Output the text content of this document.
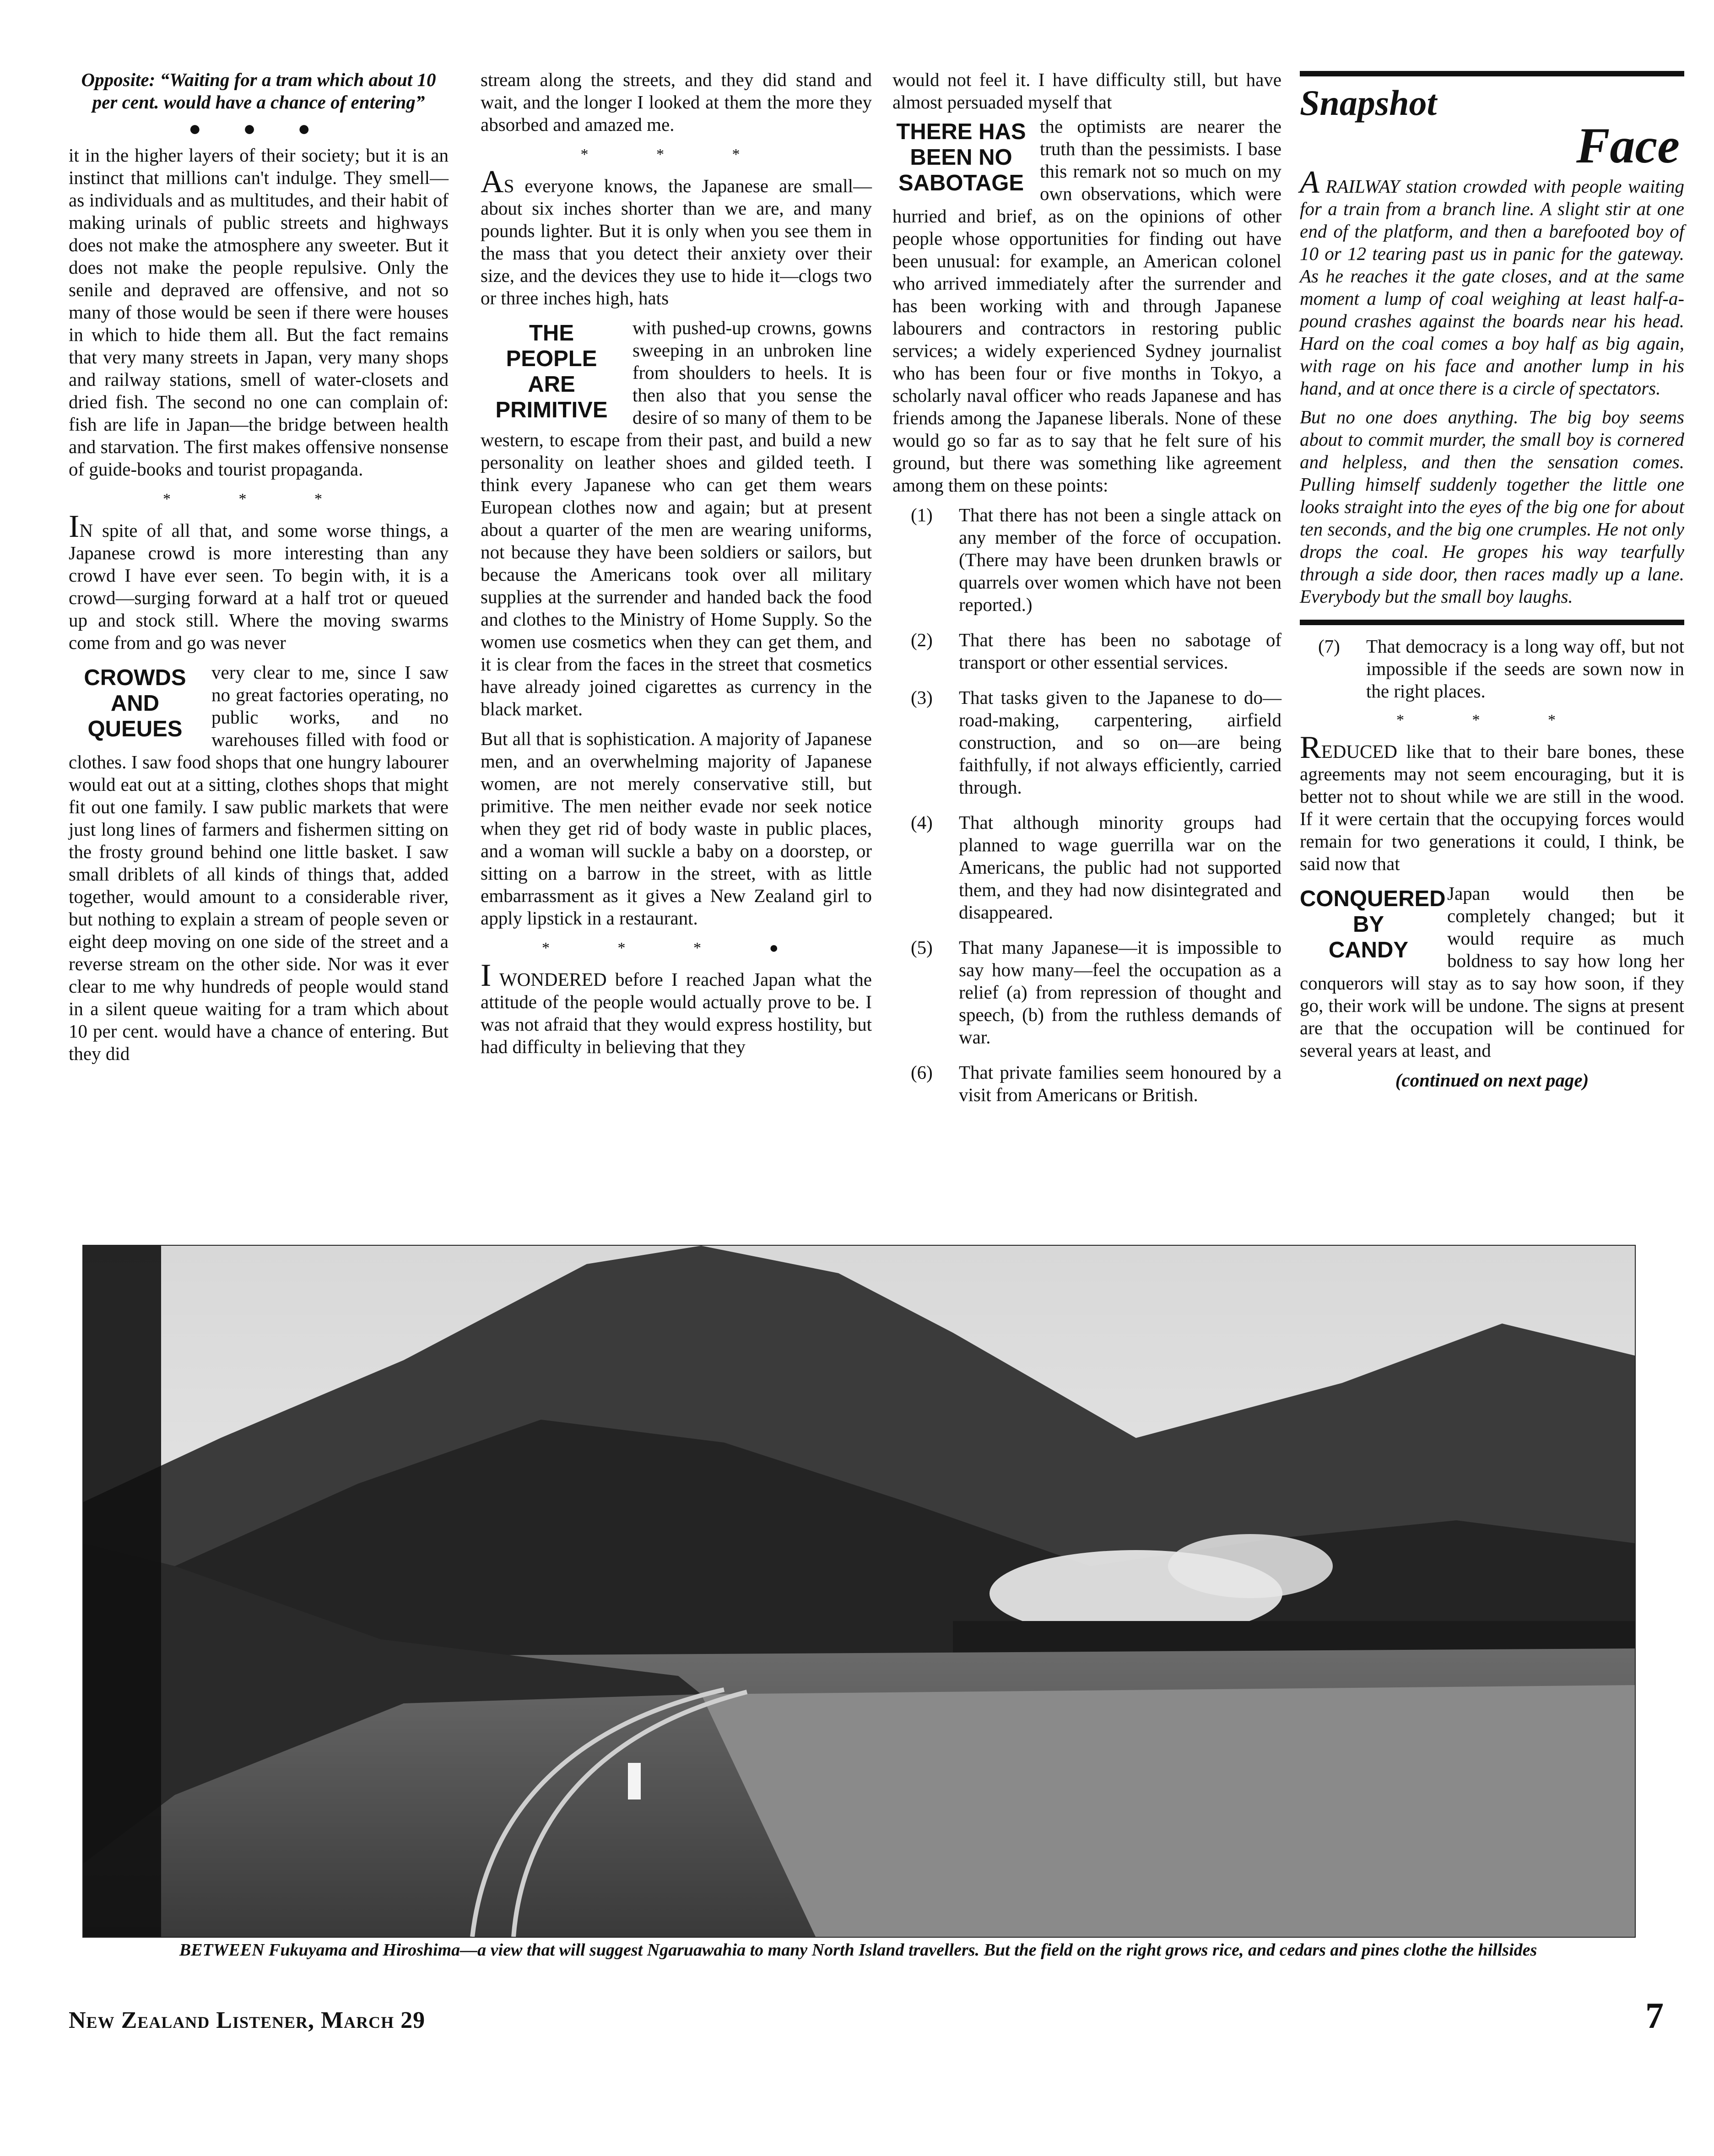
Opposite: “Waiting for a tram which about 10 per cent. would have a chance of entering”
● ● ●

it in the higher layers of their society; but it is an instinct that millions can't indulge. They smell—as individuals and as multitudes, and their habit of making urinals of public streets and highways does not make the atmosphere any sweeter. But it does not make the people repulsive. Only the senile and depraved are offensive, and not so many of those would be seen if there were houses in which to hide them all. But the fact remains that very many streets in Japan, very many shops and railway stations, smell of water-closets and dried fish. The second no one can complain of: fish are life in Japan—the bridge between health and starvation. The first makes offensive nonsense of guide-books and tourist propaganda.

* * *

IN spite of all that, and some worse things, a Japanese crowd is more interesting than any crowd I have ever seen. To begin with, it is a crowd—surging forward at a half trot or queued up and stock still. Where the moving swarms come from and go was never

CROWDS
AND
QUEUES

very clear to me, since I saw no great factories operating, no public works, and no warehouses filled with food or clothes. I saw food shops that one hungry labourer would eat out at a sitting, clothes shops that might fit out one family. I saw public markets that were just long lines of farmers and fishermen sitting on the frosty ground behind one little basket. I saw small driblets of all kinds of things that, added together, would amount to a considerable river, but nothing to explain a stream of people seven or eight deep moving on one side of the street and a reverse stream on the other side. Nor was it ever clear to me why hundreds of people would stand in a silent queue waiting for a tram which about 10 per cent. would have a chance of entering. But they did

stream along the streets, and they did stand and wait, and the longer I looked at them the more they absorbed and amazed me.

* * *

AS everyone knows, the Japanese are small—about six inches shorter than we are, and many pounds lighter. But it is only when you see them in the mass that you detect their anxiety over their size, and the devices they use to hide it—clogs two or three inches high, hats

THE PEOPLE
ARE
PRIMITIVE

with pushed-up crowns, gowns sweeping in an unbroken line from shoulders to heels. It is then also that you sense the desire of so many of them to be western, to escape from their past, and build a new personality on leather shoes and gilded teeth. I think every Japanese who can get them wears European clothes now and again; but at present about a quarter of the men are wearing uniforms, not because they have been soldiers or sailors, but because the Americans took over all military supplies at the surrender and handed back the food and clothes to the Ministry of Home Supply. So the women use cosmetics when they can get them, and it is clear from the faces in the street that cosmetics have already joined cigarettes as currency in the black market.

But all that is sophistication. A majority of Japanese men, and an overwhelming majority of Japanese women, are not merely conservative still, but primitive. The men neither evade nor seek notice when they get rid of body waste in public places, and a woman will suckle a baby on a doorstep, or sitting on a barrow in the street, with as little embarrassment as it gives a New Zealand girl to apply lipstick in a restaurant.

* * * ●

I WONDERED before I reached Japan what the attitude of the people would actually prove to be. I was not afraid that they would express hostility, but had difficulty in believing that they

would not feel it. I have difficulty still, but have almost persuaded myself that

THERE HAS
BEEN NO
SABOTAGE

the optimists are nearer the truth than the pessimists. I base this remark not so much on my own observations, which were hurried and brief, as on the opinions of other people whose opportunities for finding out have been unusual: for example, an American colonel who arrived immediately after the surrender and has been working with and through Japanese labourers and contractors in restoring public services; a widely experienced Sydney journalist who has been four or five months in Tokyo, a scholarly naval officer who reads Japanese and has friends among the Japanese liberals. None of these would go so far as to say that he felt sure of his ground, but there was something like agreement among them on these points:

(1) That there has not been a single attack on any member of the force of occupation. (There may have been drunken brawls or quarrels over women which have not been reported.)
(2) That there has been no sabotage of transport or other essential services.
(3) That tasks given to the Japanese to do—road-making, carpentering, airfield construction, and so on—are being faithfully, if not always efficiently, carried through.
(4) That although minority groups had planned to wage guerrilla war on the Americans, the public had not supported them, and they had now disintegrated and disappeared.
(5) That many Japanese—it is impossible to say how many—feel the occupation as a relief (a) from repression of thought and speech, (b) from the ruthless demands of war.
(6) That private families seem honoured by a visit from Americans or British.
Snapshot
Face

A RAILWAY station crowded with people waiting for a train from a branch line. A slight stir at one end of the platform, and then a barefooted boy of 10 or 12 tearing past us in panic for the gateway. As he reaches it the gate closes, and at the same moment a lump of coal weighing at least half-a-pound crashes against the boards near his head. Hard on the coal comes a boy half as big again, with rage on his face and another lump in his hand, and at once there is a circle of spectators.

But no one does anything. The big boy seems about to commit murder, the small boy is cornered and helpless, and then the sensation comes. Pulling himself suddenly together the little one looks straight into the eyes of the big one for about ten seconds, and the big one crumples. He not only drops the coal. He gropes his way tearfully through a side door, then races madly up a lane. Everybody but the small boy laughs.

(7) That democracy is a long way off, but not impossible if the seeds are sown now in the right places.
* * *

REDUCED like that to their bare bones, these agreements may not seem encouraging, but it is better not to shout while we are still in the wood. If it were certain that the occupying forces would remain for two generations it could, I think, be said now that

CONQUERED
BY
CANDY

Japan would then be completely changed; but it would require as much boldness to say how long her conquerors will stay as to say how soon, if they go, their work will be undone. The signs at present are that the occupation will be continued for several years at least, and

(continued on next page)
BETWEEN Fukuyama and Hiroshima—a view that will suggest Ngaruawahia to many North Island travellers. But the field on the right grows rice, and cedars and pines clothe the hillsides
New Zealand Listener, March 29	7
